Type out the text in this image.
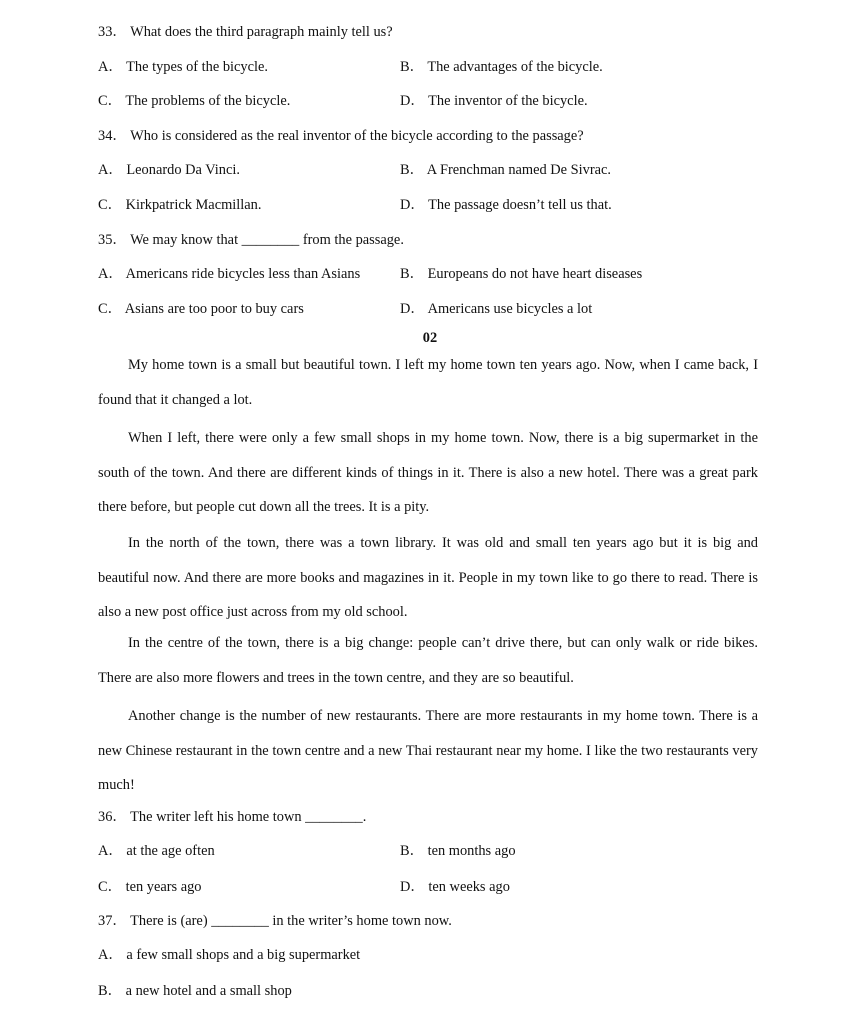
33． What does the third paragraph mainly tell us?
A． The types of the bicycle.	B． The advantages of the bicycle.
C． The problems of the bicycle.	D． The inventor of the bicycle.
34． Who is considered as the real inventor of the bicycle according to the passage?
A． Leonardo Da Vinci.	B． A Frenchman named De Sivrac.
C． Kirkpatrick Macmillan.	D． The passage doesn’t tell us that.
35． We may know that ________ from the passage.
A． Americans ride bicycles less than Asians	B． Europeans do not have heart diseases
C． Asians are too poor to buy cars	D． Americans use bicycles a lot
02

My home town is a small but beautiful town. I left my home town ten years ago. Now, when I came back, I found that it changed a lot.

When I left, there were only a few small shops in my home town. Now, there is a big supermarket in the south of the town. And there are different kinds of things in it. There is also a new hotel. There was a great park there before, but people cut down all the trees. It is a pity.

In the north of the town, there was a town library. It was old and small ten years ago but it is big and beautiful now. And there are more books and magazines in it. People in my town like to go there to read. There is also a new post office just across from my old school.

In the centre of the town, there is a big change: people can’t drive there, but can only walk or ride bikes. There are also more flowers and trees in the town centre, and they are so beautiful.

Another change is the number of new restaurants. There are more restaurants in my home town. There is a new Chinese restaurant in the town centre and a new Thai restaurant near my home. I like the two restaurants very much!

36． The writer left his home town ________.
A． at the age often	B． ten months ago
C． ten years ago	D． ten weeks ago
37． There is (are) ________ in the writer’s home town now.
A． a few small shops and a big supermarket
B． a new hotel and a small shop
